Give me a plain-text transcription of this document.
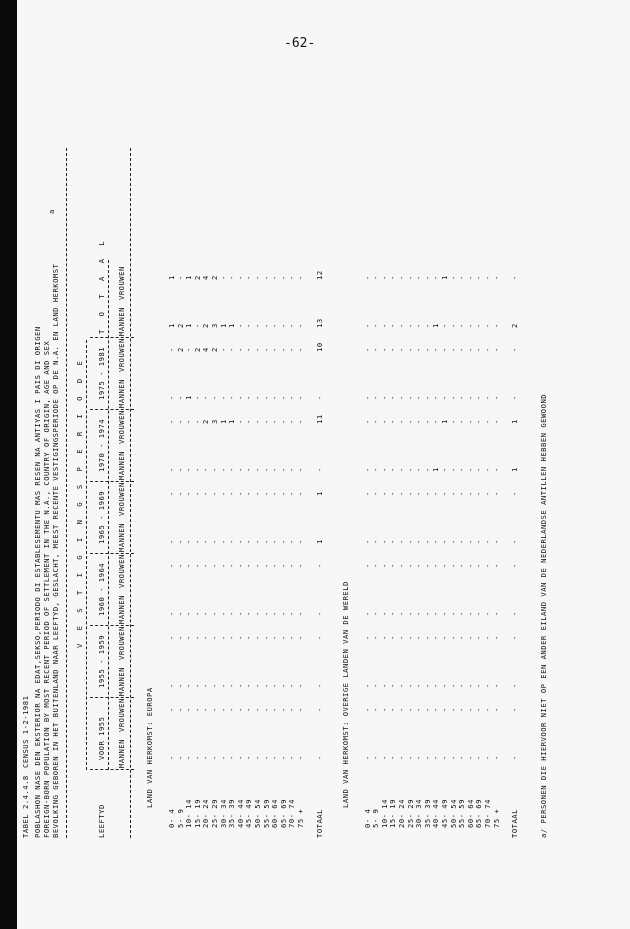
-62-
TABEL 2.4.4.8
CENSUS 1-2-1981 POBLASHON NASE DEN EKSTERIOR NA EDAT,SEKSO,PERIODO DI ESTABLESEMENTU MAS RESEN NA ANTIYAS I PAIS DI ORIGEN FOREIGN-BORN POPULATION BY MOST RECENT PERIOD OF SETTLEMENT IN THE N.A., COUNTRY OF ORIGIN, AGE AND SEX BEVOLKING GEBOREN IN HET BUITENLAND NAAR LEEFTYD, GESLACHT, MEEST RECENTE VESTIGINGSPERIODE OP DE N.A. EN LAND HERKOMST
a
V E S T I G I N G S P E R I O D E
LEEFTYD
VOOR 1955
1955 - 1959
1960 - 1964
1965 - 1969
1970 - 1974
1975 - 1981
T O T A A L
MANNEN
VROUWEN
MANNEN
VROUWEN
MANNEN
VROUWEN
MANNEN
VROUWEN
MANNEN
VROUWEN
MANNEN
VROUWEN
MANNEN
VROUWEN
LAND VAN HERKOMST: EUROPA
0- 4
-
-
-
-
-
-
-
-
-
-
-
-
1
1
5- 9
-
-
-
-
-
-
-
-
-
-
-
2
2
-
10- 14
-
-
-
-
-
-
-
-
-
-
1
-
1
1
15- 19
-
-
-
-
-
-
-
-
-
-
-
2
-
2
20- 24
-
-
-
-
-
-
-
-
-
2
-
4
2
4
25- 29
-
-
-
-
-
-
-
-
-
3
-
2
3
2
30- 34
-
-
-
-
-
-
-
-
-
1
-
-
1
-
35- 39
-
-
-
-
-
-
-
-
-
1
-
-
1
-
40- 44
-
-
-
-
-
-
-
-
-
-
-
-
-
-
45- 49
-
-
-
-
-
-
-
-
-
-
-
-
-
-
50- 54
-
-
-
-
-
-
-
-
-
-
-
-
-
-
55- 59
-
-
-
-
-
-
-
-
-
-
-
-
-
-
60- 64
-
-
-
-
-
-
-
-
-
-
-
-
-
-
65- 69
-
-
-
-
-
-
-
-
-
-
-
-
-
-
70- 74
-
-
-
-
-
-
-
-
-
-
-
-
-
-
75 +
-
-
-
-
-
-
-
-
-
-
-
-
-
-
TOTAAL
-
-
-
-
-
-
1
1
-
11
-
10
13
12
LAND VAN HERKOMST: OVERIGE LANDEN VAN DE WERELD
0- 4
-
-
-
-
-
-
-
-
-
-
-
-
-
-
5- 9
-
-
-
-
-
-
-
-
-
-
-
-
-
-
10- 14
-
-
-
-
-
-
-
-
-
-
-
-
-
-
15- 19
-
-
-
-
-
-
-
-
-
-
-
-
-
-
20- 24
-
-
-
-
-
-
-
-
-
-
-
-
-
-
25- 29
-
-
-
-
-
-
-
-
-
-
-
-
-
-
30- 34
-
-
-
-
-
-
-
-
-
-
-
-
-
-
35- 39
-
-
-
-
-
-
-
-
-
-
-
-
-
-
40- 44
-
-
-
-
-
-
-
-
1
-
-
-
1
-
45- 49
-
-
-
-
-
-
-
-
-
1
-
-
-
1
50- 54
-
-
-
-
-
-
-
-
-
-
-
-
-
-
55- 59
-
-
-
-
-
-
-
-
-
-
-
-
-
-
60- 64
-
-
-
-
-
-
-
-
-
-
-
-
-
-
65- 69
-
-
-
-
-
-
-
-
-
-
-
-
-
-
70- 74
-
-
-
-
-
-
-
-
-
-
-
-
-
-
75 +
-
-
-
-
-
-
-
-
-
-
-
-
-
-
TOTAAL
-
-
-
-
-
-
-
-
1
1
-
-
2
-
a/ PERSONEN DIE HIERVOOR NIET OP EEN ANDER EILAND VAN DE NEDERLANDSE ANTILLEN HEBBEN GEWOOND
